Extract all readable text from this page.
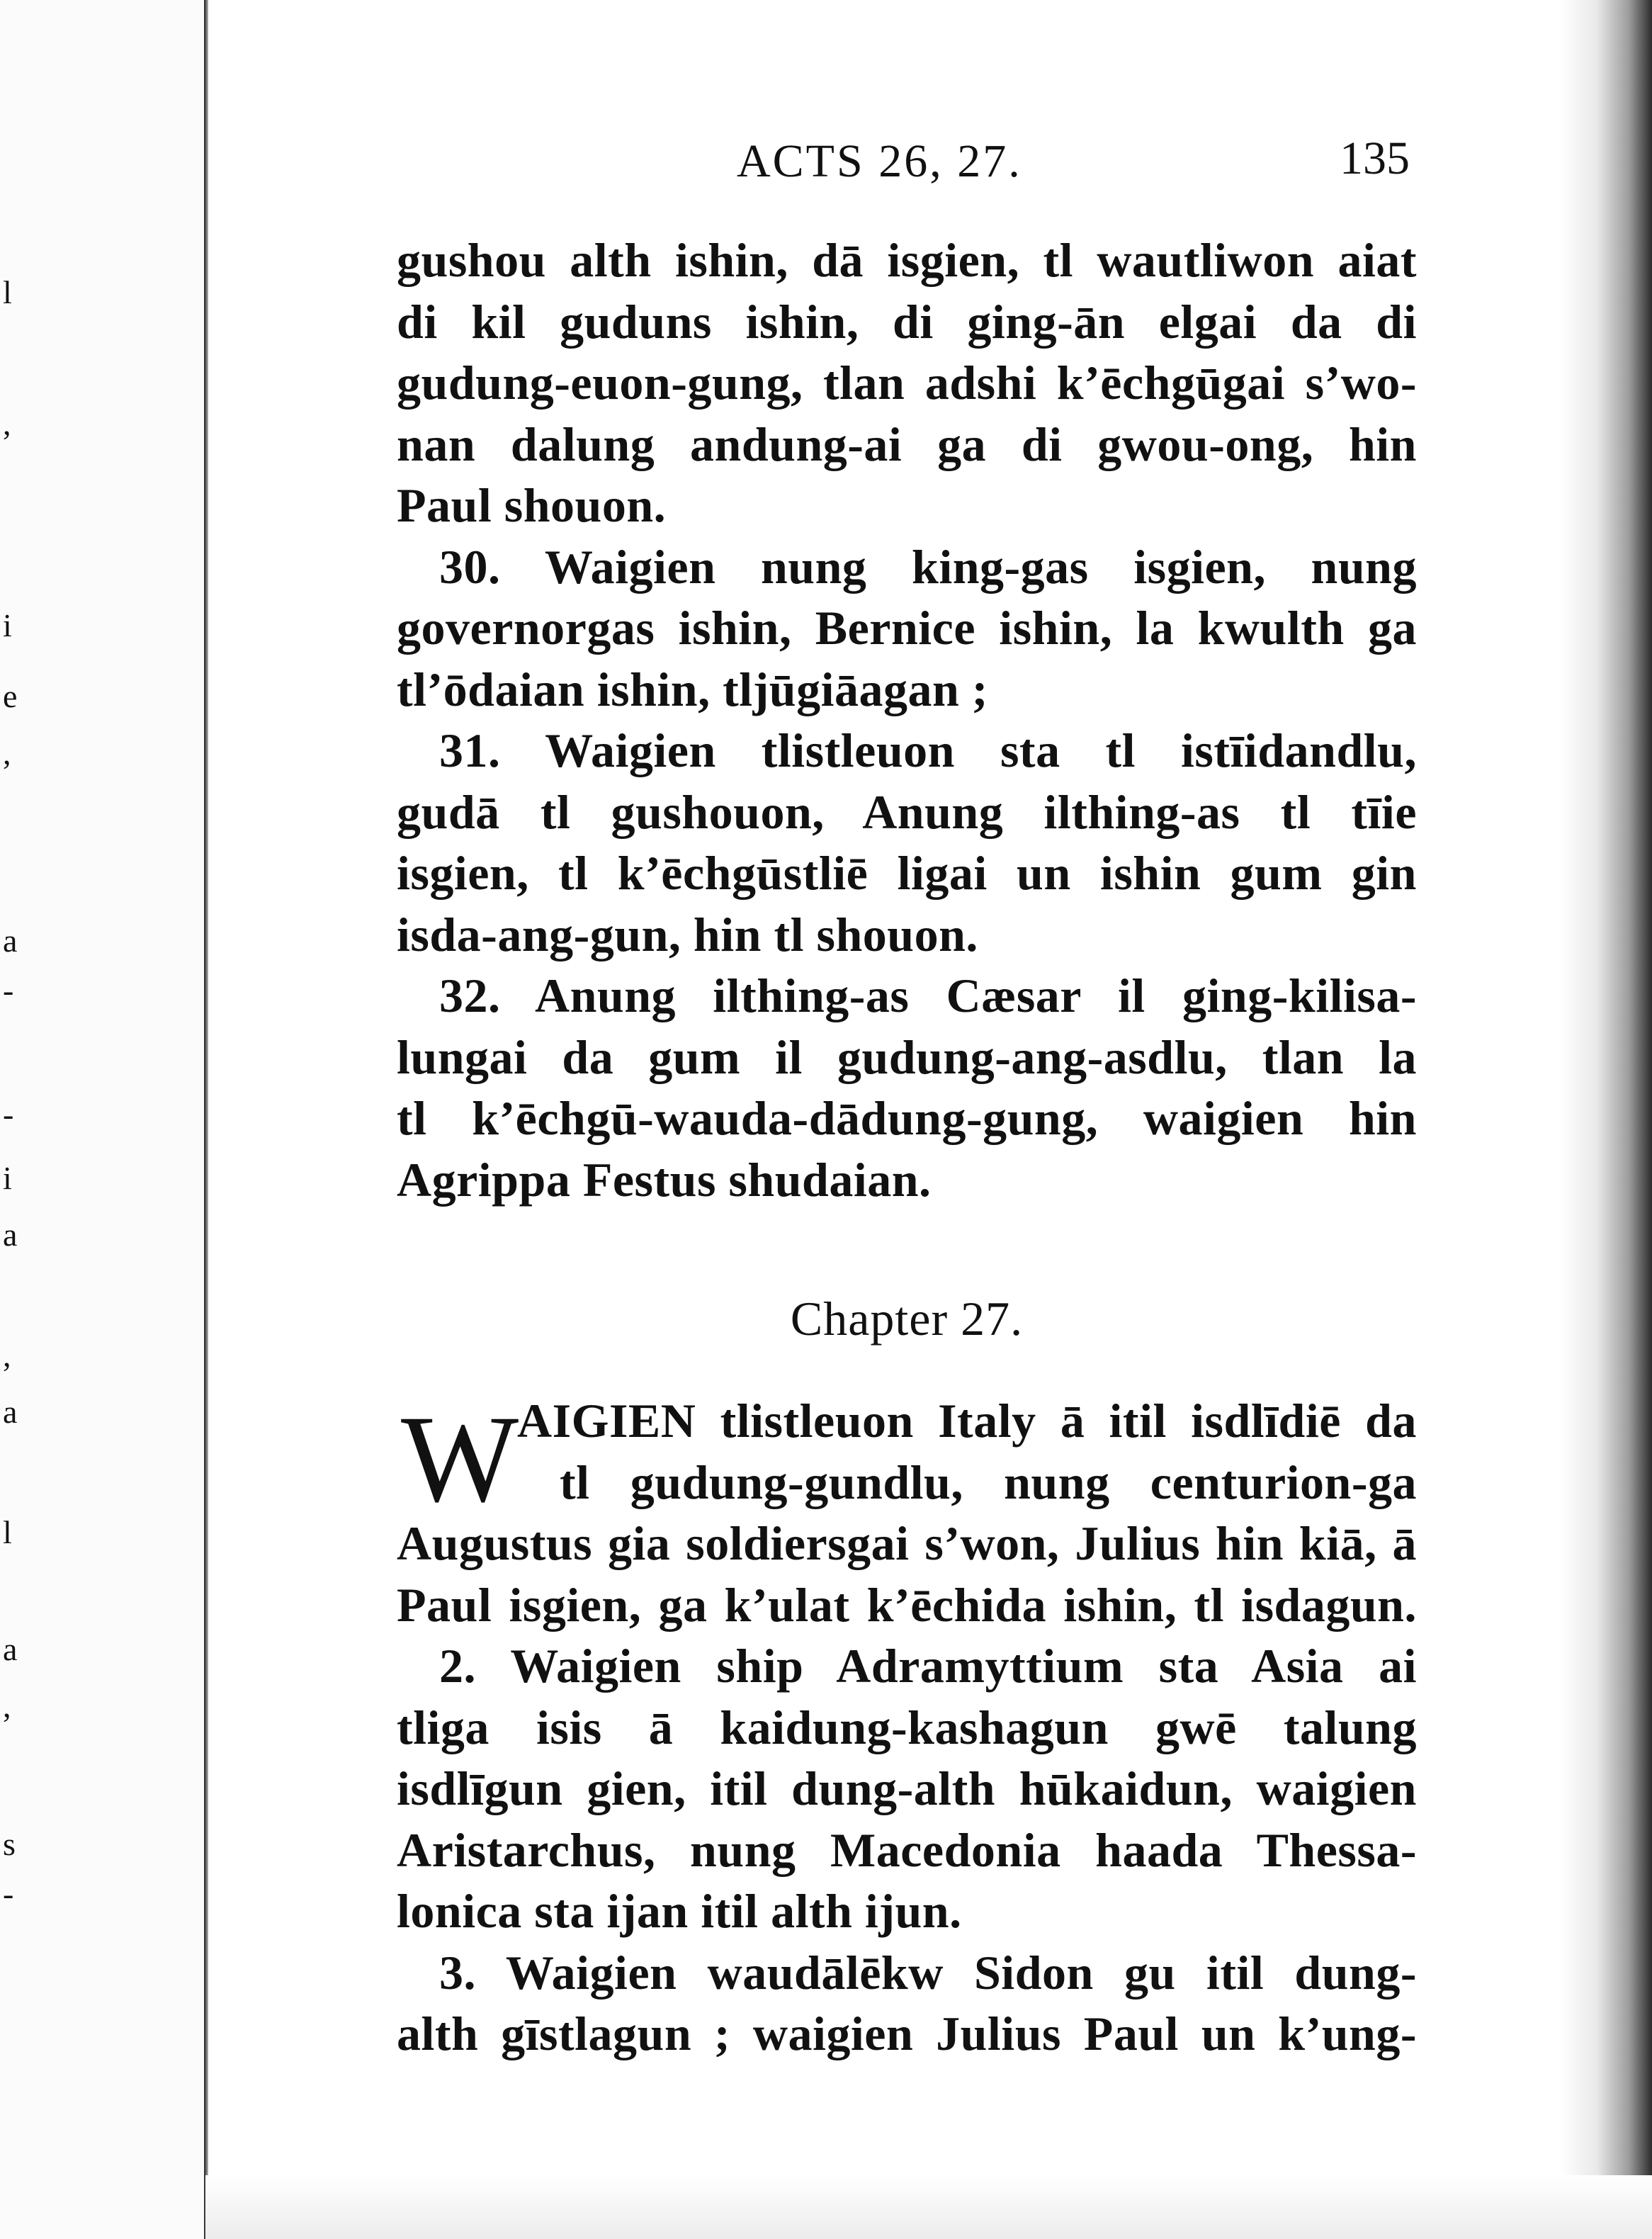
l
,
i
e
,
a
-
-
i
a
,
a
l
a
,
s
-
ACTS 26, 27.	135
gushou alth ishin, dā isgien, tl wautliwon aiat
di kil guduns ishin, di ging-ān elgai da di
gudung-euon-gung, tlan adshi k’ēchgūgai s’wo-
nan dalung andung-ai ga di gwou-ong, hin
Paul shouon.
30. Waigien nung king-gas isgien, nung
governorgas ishin, Bernice ishin, la kwulth ga
tl’ōdaian ishin, tljūgiāagan ;
31. Waigien tlistleuon sta tl istīidandlu,
gudā tl gushouon, Anung ilthing-as tl tīie
isgien, tl k’ēchgūstliē ligai un ishin gum gin
isda-ang-gun, hin tl shouon.
32. Anung ilthing-as Cæsar il ging-kilisa-
lungai da gum il gudung-ang-asdlu, tlan la
tl k’ēchgū-wauda-dādung-gung, waigien hin
Agrippa Festus shudaian.
Chapter 27.
W
AIGIEN tlistleuon Italy ā itil isdlīdiē da
tl gudung-gundlu, nung centurion-ga
Augustus gia soldiersgai s’won, Julius hin kiā, ā
Paul isgien, ga k’ulat k’ēchida ishin, tl isdagun.
2. Waigien ship Adramyttium sta Asia ai
tliga isis ā kaidung-kashagun gwē talung
isdlīgun gien, itil dung-alth hūkaidun, waigien
Aristarchus, nung Macedonia haada Thessa-
lonica sta ijan itil alth ijun.
3. Waigien waudālēkw Sidon gu itil dung-
alth gīstlagun ; waigien Julius Paul un k’ung-
